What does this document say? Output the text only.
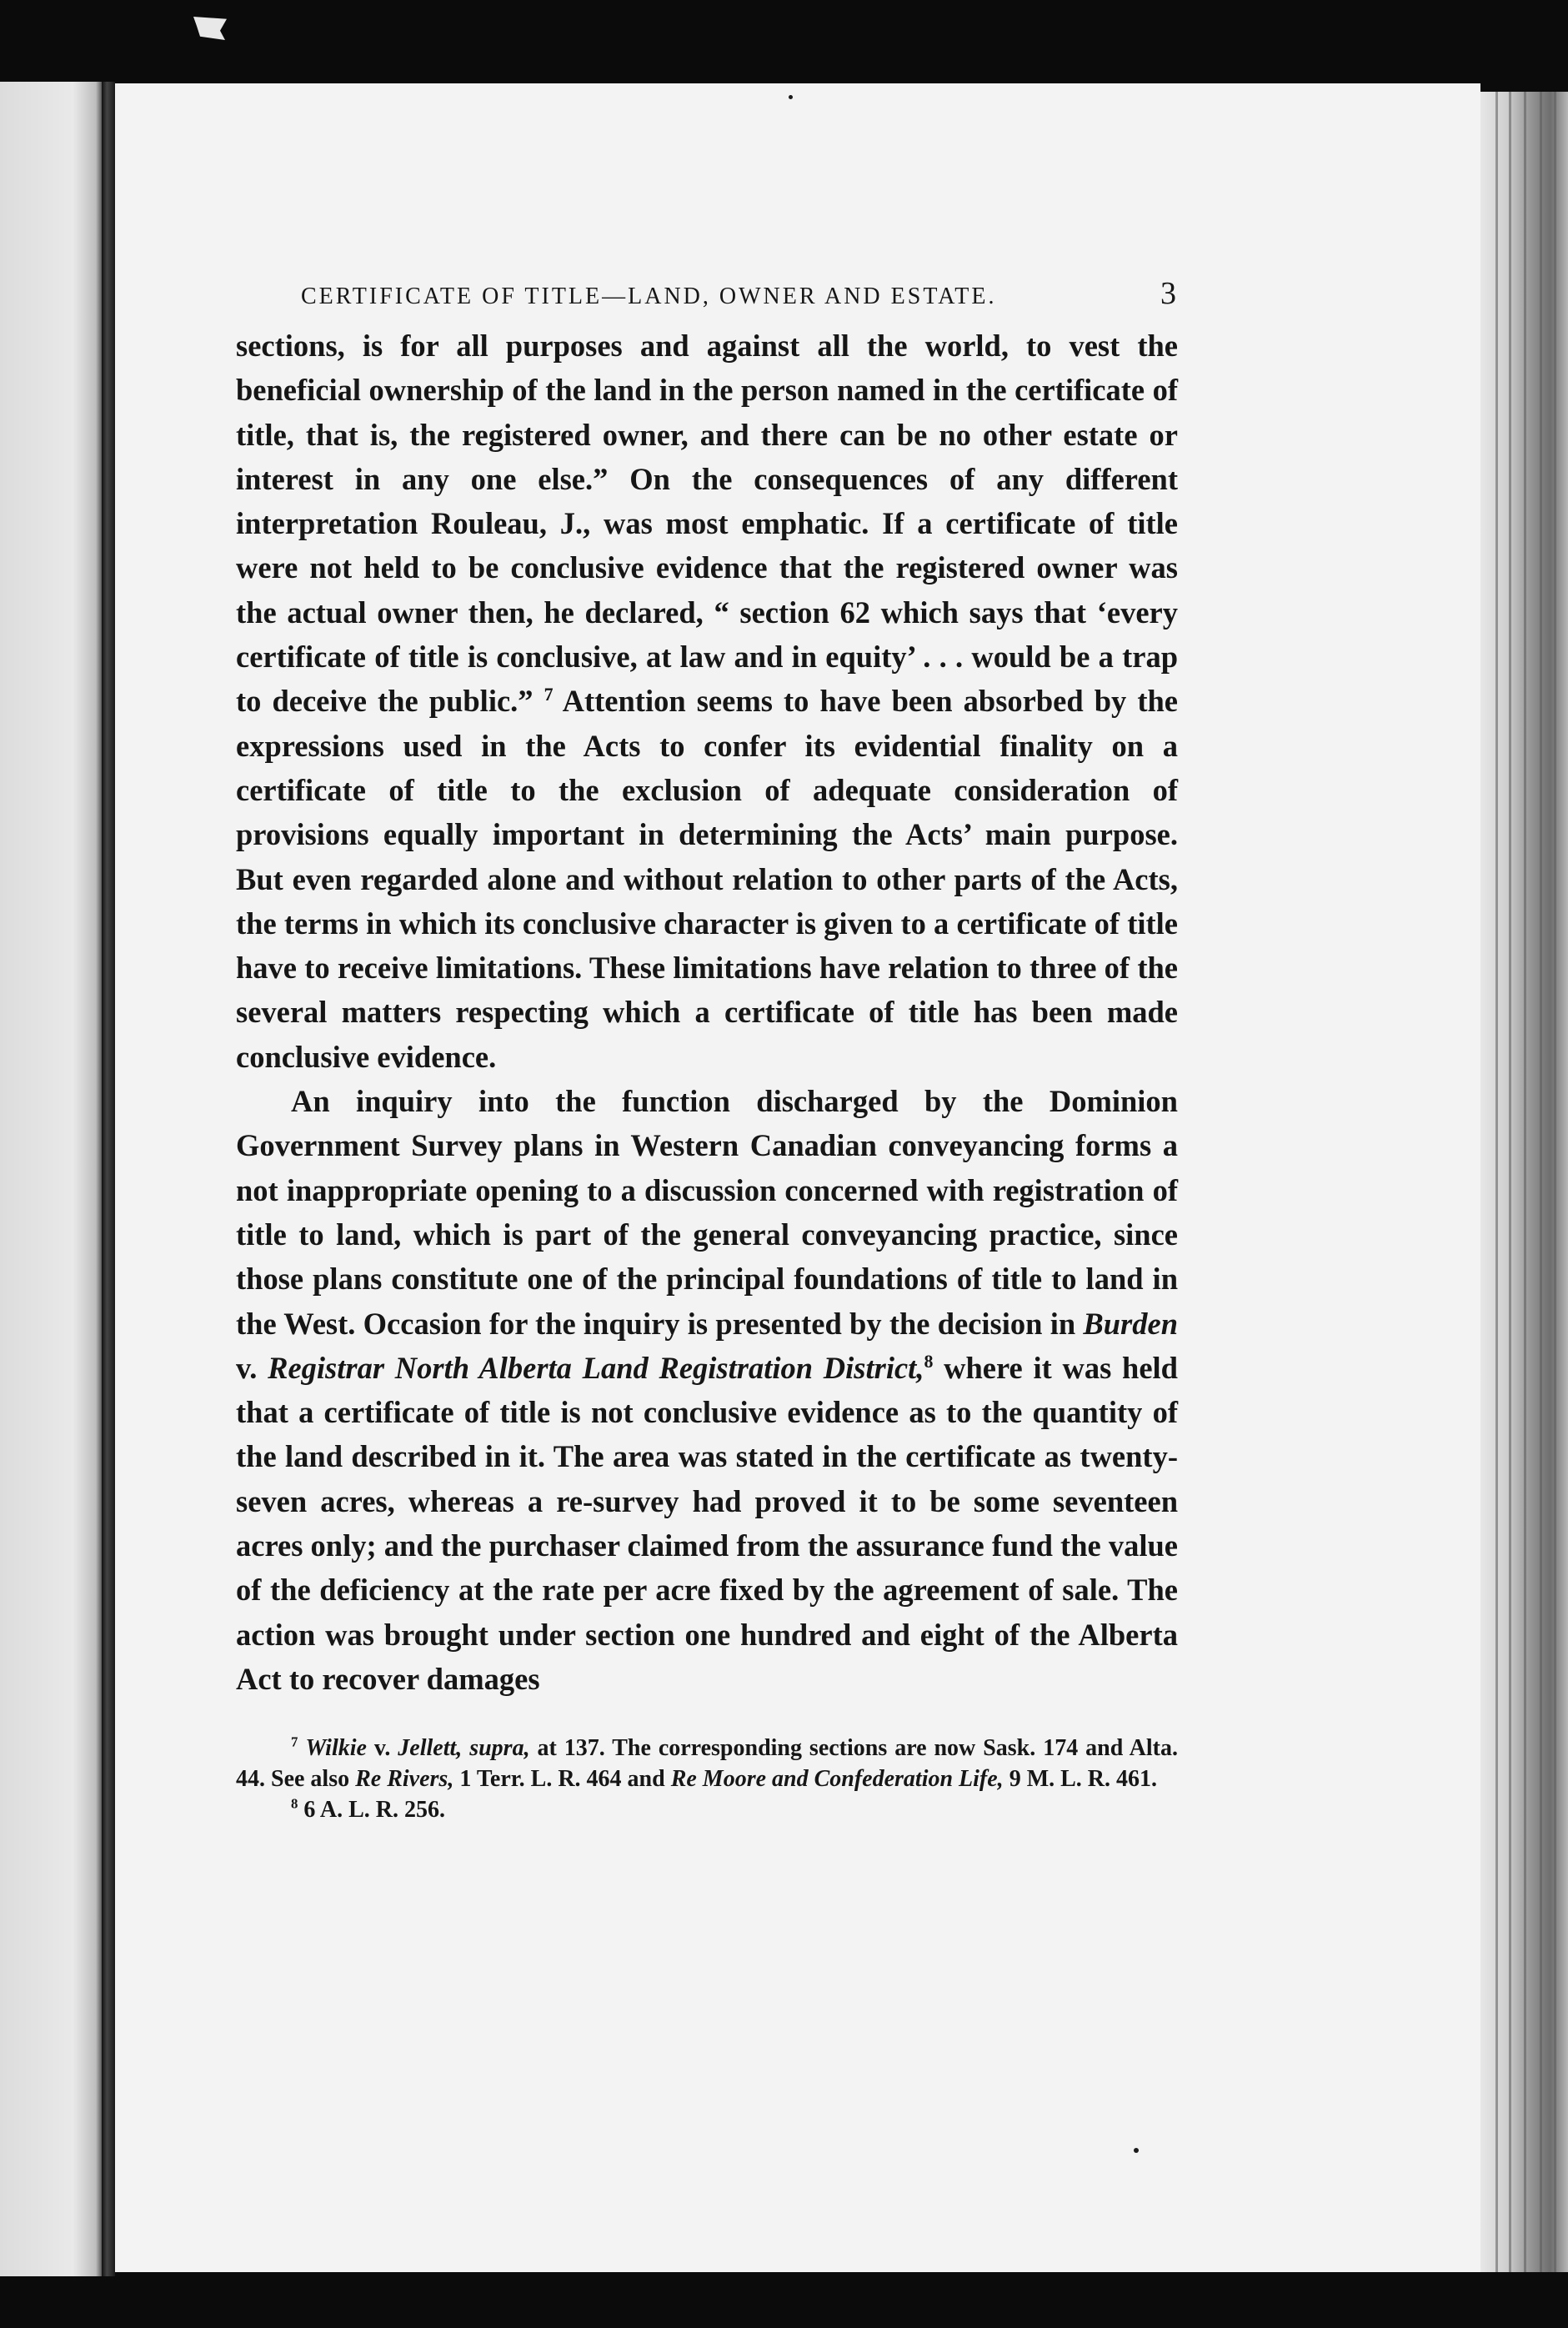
CERTIFICATE OF TITLE—LAND, OWNER AND ESTATE.	3

sections, is for all purposes and against all the world, to vest the beneficial ownership of the land in the person named in the certificate of title, that is, the registered owner, and there can be no other estate or interest in any one else.” On the consequences of any different interpretation Rouleau, J., was most emphatic. If a certificate of title were not held to be conclusive evidence that the registered owner was the actual owner then, he declared, “ section 62 which says that ‘every certificate of title is conclusive, at law and in equity’ . . . would be a trap to deceive the public.” $^7$ Attention seems to have been absorbed by the expressions used in the Acts to confer its evidential finality on a certificate of title to the exclusion of adequate consideration of provisions equally important in determining the Acts’ main purpose. But even regarded alone and without relation to other parts of the Acts, the terms in which its conclusive character is given to a certificate of title have to receive limitations. These limitations have relation to three of the several matters respecting which a certificate of title has been made conclusive evidence.

An inquiry into the function discharged by the Dominion Government Survey plans in Western Canadian conveyancing forms a not inappropriate opening to a discussion concerned with registration of title to land, which is part of the general conveyancing practice, since those plans constitute one of the principal foundations of title to land in the West. Occasion for the inquiry is presented by the decision in Burden v. Registrar North Alberta Land Registration District,$^8$ where it was held that a certificate of title is not conclusive evidence as to the quantity of the land described in it. The area was stated in the certificate as twenty-seven acres, whereas a re-survey had proved it to be some seventeen acres only; and the purchaser claimed from the assurance fund the value of the deficiency at the rate per acre fixed by the agreement of sale. The action was brought under section one hundred and eight of the Alberta Act to recover damages

$^7$ Wilkie v. Jellett, supra, at 137. The corresponding sections are now Sask. 174 and Alta. 44. See also Re Rivers, 1 Terr. L. R. 464 and Re Moore and Confederation Life, 9 M. L. R. 461.

$^8$ 6 A. L. R. 256.
